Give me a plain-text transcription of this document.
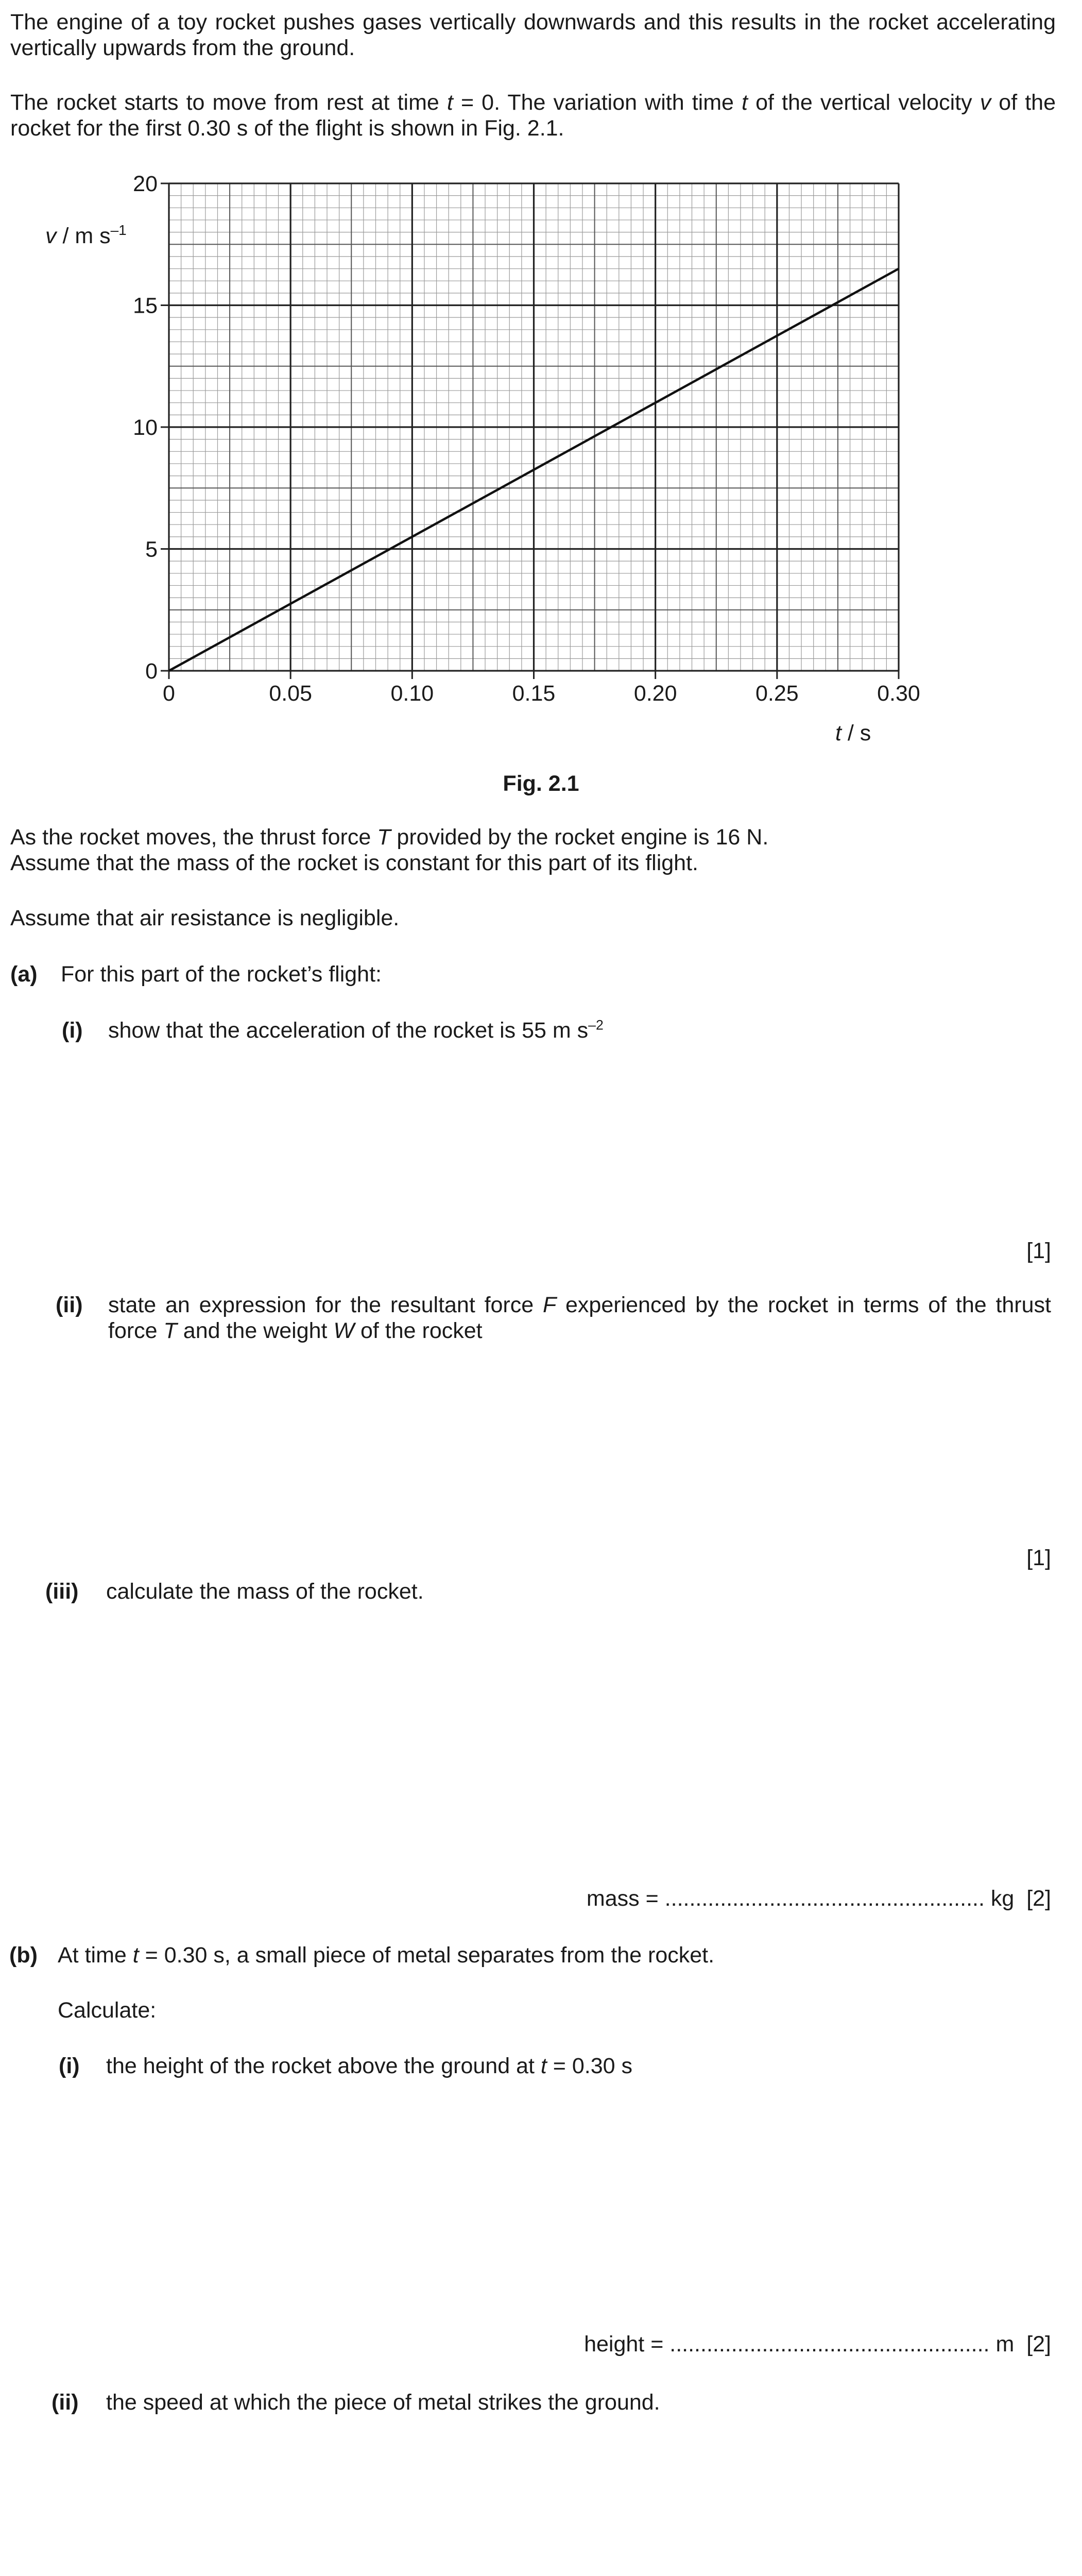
The engine of a toy rocket pushes gases vertically downwards and this results in the rocket accelerating vertically upwards from the ground.
The rocket starts to move from rest at time t = 0. The variation with time t of the vertical velocity v of the rocket for the first 0.30 s of the flight is shown in Fig. 2.1.
0	0.05	0.10	0.15	0.20	0.25	0.30
0
5
10
15
20
v / m $s^{-1}$
t / s
Fig. 2.1
As the rocket moves, the thrust force T provided by the rocket engine is 16 N.
Assume that the mass of the rocket is constant for this part of its flight.
Assume that air resistance is negligible.
(a) For this part of the rocket’s flight:
(i) show that the acceleration of the rocket is 55 m $s^{-2}$
[1]
(ii) state an expression for the resultant force F experienced by the rocket in terms of the thrust force T and the weight W of the rocket
[1]
(iii) calculate the mass of the rocket.
mass = .................................................... kg [2]
(b) At time t = 0.30 s, a small piece of metal separates from the rocket.
Calculate:
(i) the height of the rocket above the ground at t = 0.30 s
height = .................................................... m [2]
(ii) the speed at which the piece of metal strikes the ground.
